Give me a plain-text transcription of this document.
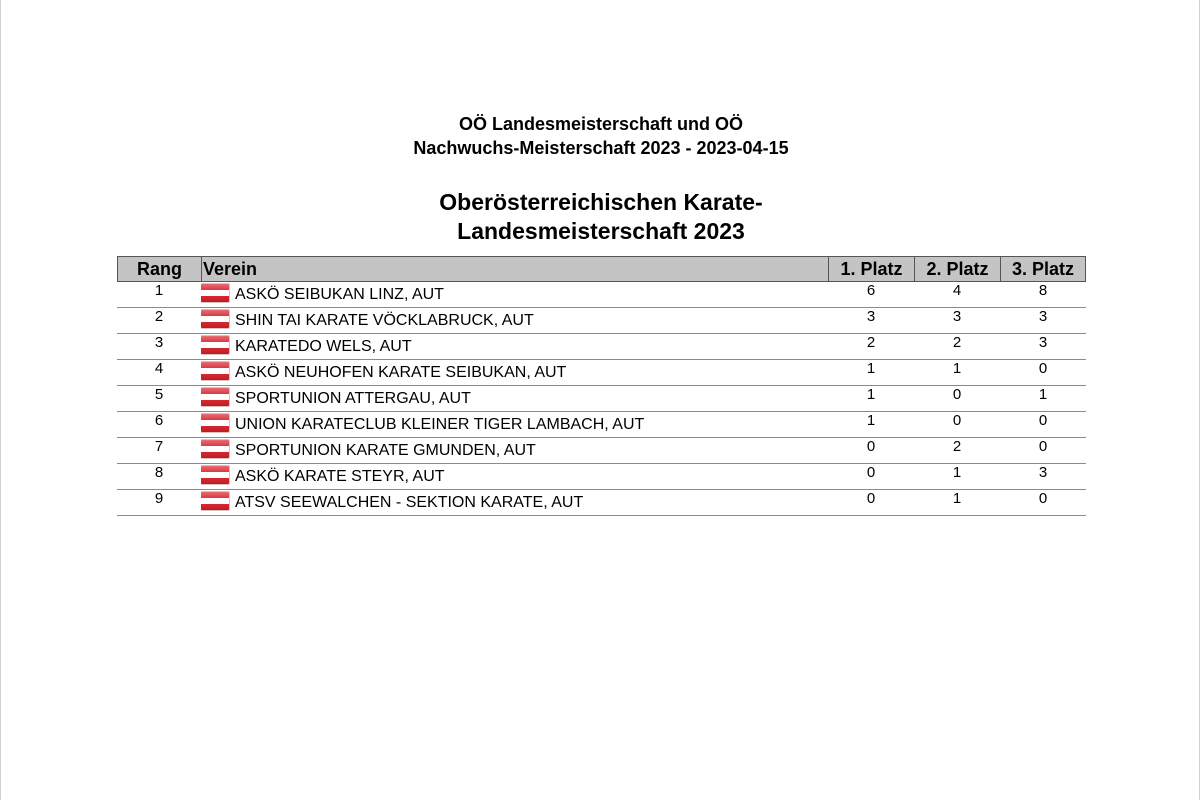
OÖ Landesmeisterschaft und OÖ
Nachwuchs-Meisterschaft 2023 - 2023-04-15
Oberösterreichischen Karate-
Landesmeisterschaft 2023
Rang	Verein	1. Platz	2. Platz	3. Platz
1	ASKÖ SEIBUKAN LINZ, AUT	6	4	8
2	SHIN TAI KARATE VÖCKLABRUCK, AUT	3	3	3
3	KARATEDO WELS, AUT	2	2	3
4	ASKÖ NEUHOFEN KARATE SEIBUKAN, AUT	1	1	0
5	SPORTUNION ATTERGAU, AUT	1	0	1
6	UNION KARATECLUB KLEINER TIGER LAMBACH, AUT	1	0	0
7	SPORTUNION KARATE GMUNDEN, AUT	0	2	0
8	ASKÖ KARATE STEYR, AUT	0	1	3
9	ATSV SEEWALCHEN - SEKTION KARATE, AUT	0	1	0
